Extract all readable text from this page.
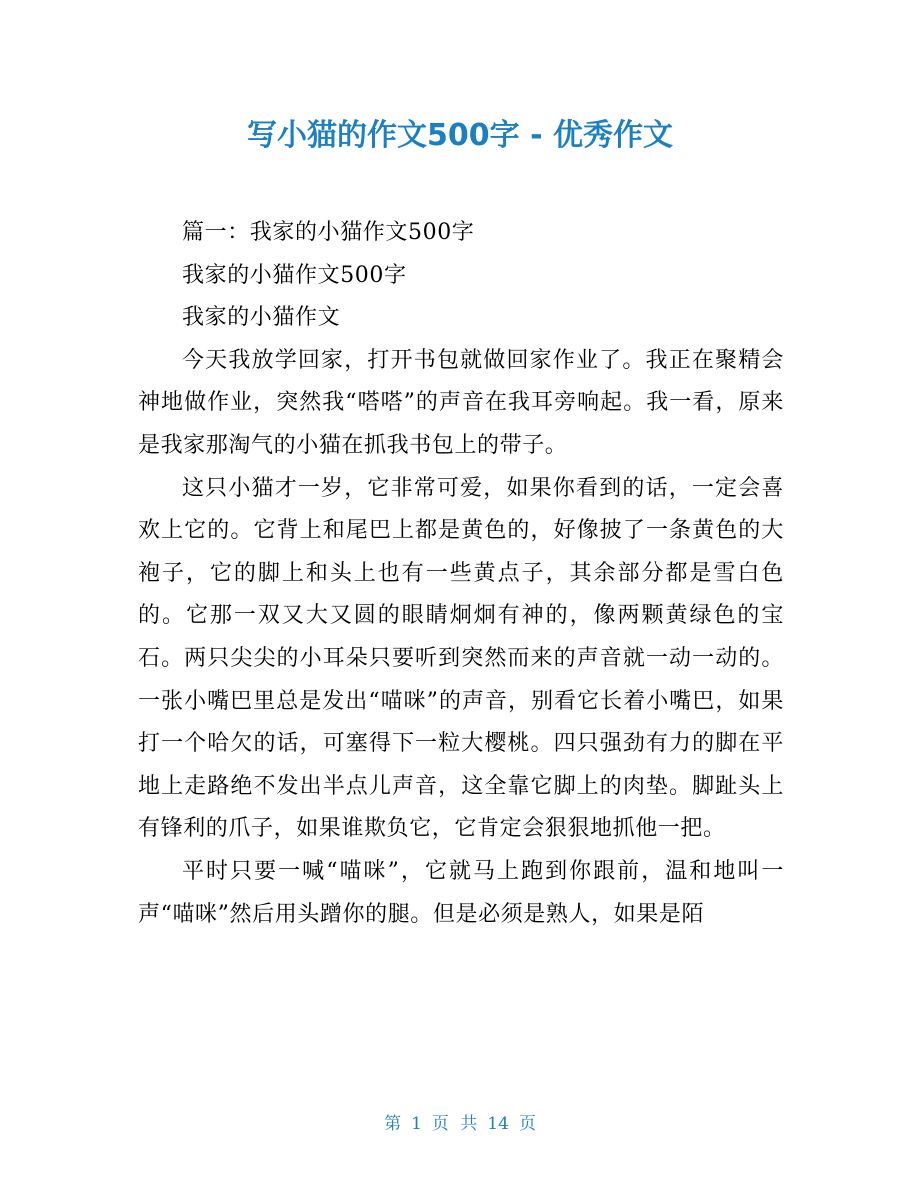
写小猫的作文500字 - 优秀作文

篇一：我家的小猫作文500字

我家的小猫作文500字

我家的小猫作文

今天我放学回家，打开书包就做回家作业了。我正在聚精会神地做作业，突然我“嗒嗒”的声音在我耳旁响起。我一看，原来是我家那淘气的小猫在抓我书包上的带子。

这只小猫才一岁，它非常可爱，如果你看到的话，一定会喜欢上它的。它背上和尾巴上都是黄色的，好像披了一条黄色的大袍子，它的脚上和头上也有一些黄点子，其余部分都是雪白色的。它那一双又大又圆的眼睛炯炯有神的，像两颗黄绿色的宝石。两只尖尖的小耳朵只要听到突然而来的声音就一动一动的。一张小嘴巴里总是发出“喵咪”的声音，别看它长着小嘴巴，如果打一个哈欠的话，可塞得下一粒大樱桃。四只强劲有力的脚在平地上走路绝不发出半点儿声音，这全靠它脚上的肉垫。脚趾头上有锋利的爪子，如果谁欺负它，它肯定会狠狠地抓他一把。

平时只要一喊“喵咪”，它就马上跑到你跟前，温和地叫一声“喵咪”然后用头蹭你的腿。但是必须是熟人，如果是陌

第 1 页 共 14 页
